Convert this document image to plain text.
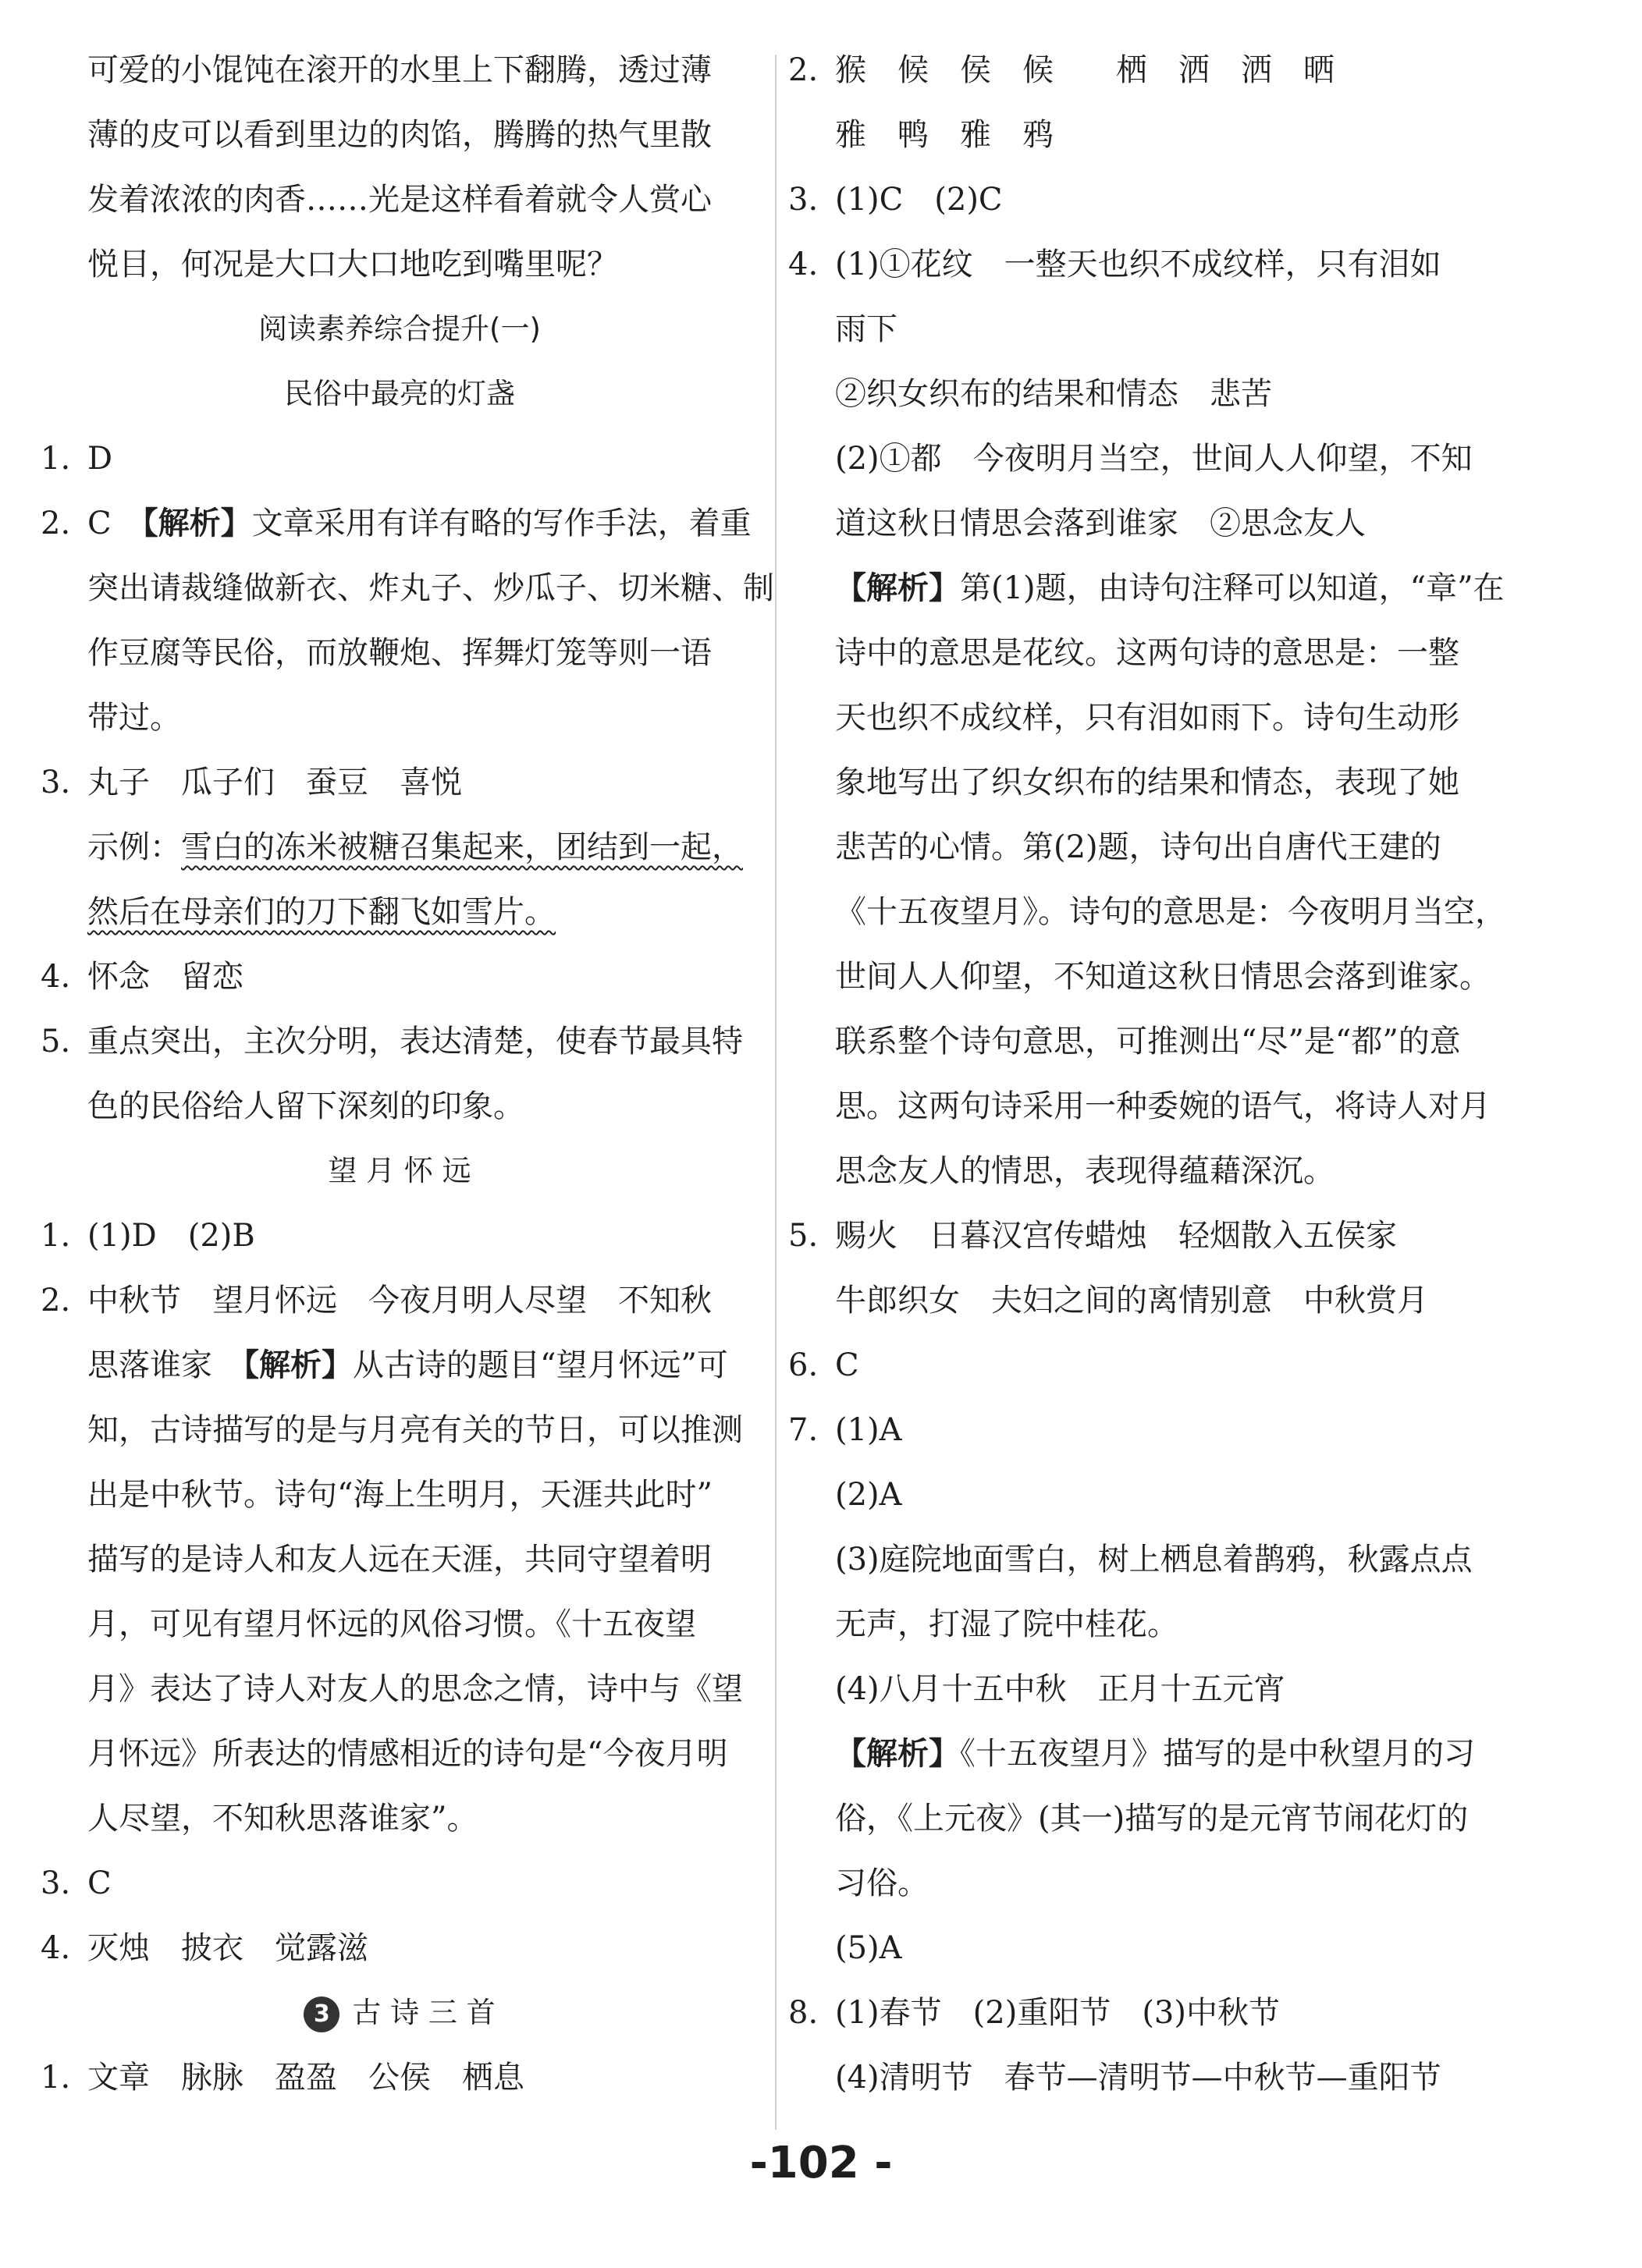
可爱的小馄饨在滚开的水里上下翻腾，透过薄
薄的皮可以看到里边的肉馅，腾腾的热气里散
发着浓浓的肉香……光是这样看着就令人赏心
悦目，何况是大口大口地吃到嘴里呢？
阅读素养综合提升(一)
民俗中最亮的灯盏
1. D
2. C　 【解析】文章采用有详有略的写作手法，着重
突出请裁缝做新衣、炸丸子、炒瓜子、切米糖、制
作豆腐等民俗，而放鞭炮、挥舞灯笼等则一语
带过。
3. 丸子　瓜子们　蚕豆　喜悦
示例：雪白的冻米被糖召集起来，团结到一起，
然后在母亲们的刀下翻飞如雪片。
4. 怀念　留恋
5. 重点突出，主次分明，表达清楚，使春节最具特
色的民俗给人留下深刻的印象。
望 月 怀 远
1. (1)D　(2)B
2. 中秋节　望月怀远　今夜月明人尽望　不知秋
思落谁家　【解析】从古诗的题目“望月怀远”可
知，古诗描写的是与月亮有关的节日，可以推测
出是中秋节。诗句“海上生明月，天涯共此时”
描写的是诗人和友人远在天涯，共同守望着明
月，可见有望月怀远的风俗习惯。《十五夜望
月》表达了诗人对友人的思念之情，诗中与《望
月怀远》所表达的情感相近的诗句是“今夜月明
人尽望，不知秋思落谁家”。
3. C
4. 灭烛　披衣　觉露滋
3 古 诗 三 首
1. 文章　脉脉　盈盈　公侯　栖息
2. 猴　候　侯　候　　栖　洒　洒　晒
雅　鸭　雅　鸦
3. (1)C　(2)C
4. (1)①花纹　一整天也织不成纹样，只有泪如
雨下
②织女织布的结果和情态　悲苦
(2)①都　今夜明月当空，世间人人仰望，不知
道这秋日情思会落到谁家　②思念友人
【解析】第(1)题，由诗句注释可以知道，“章”在
诗中的意思是花纹。这两句诗的意思是：一整
天也织不成纹样，只有泪如雨下。诗句生动形
象地写出了织女织布的结果和情态，表现了她
悲苦的心情。第(2)题，诗句出自唐代王建的
《十五夜望月》。诗句的意思是：今夜明月当空，
世间人人仰望，不知道这秋日情思会落到谁家。
联系整个诗句意思，可推测出“尽”是“都”的意
思。这两句诗采用一种委婉的语气，将诗人对月
思念友人的情思，表现得蕴藉深沉。
5. 赐火　日暮汉宫传蜡烛　轻烟散入五侯家
牛郎织女　夫妇之间的离情别意　中秋赏月
6. C
7. (1)A
(2)A
(3)庭院地面雪白，树上栖息着鹊鸦，秋露点点
无声，打湿了院中桂花。
(4)八月十五中秋　正月十五元宵
【解析】《十五夜望月》描写的是中秋望月的习
俗，《上元夜》(其一)描写的是元宵节闹花灯的
习俗。
(5)A
8. (1)春节　(2)重阳节　(3)中秋节
(4)清明节　春节—清明节—中秋节—重阳节
-102 -
